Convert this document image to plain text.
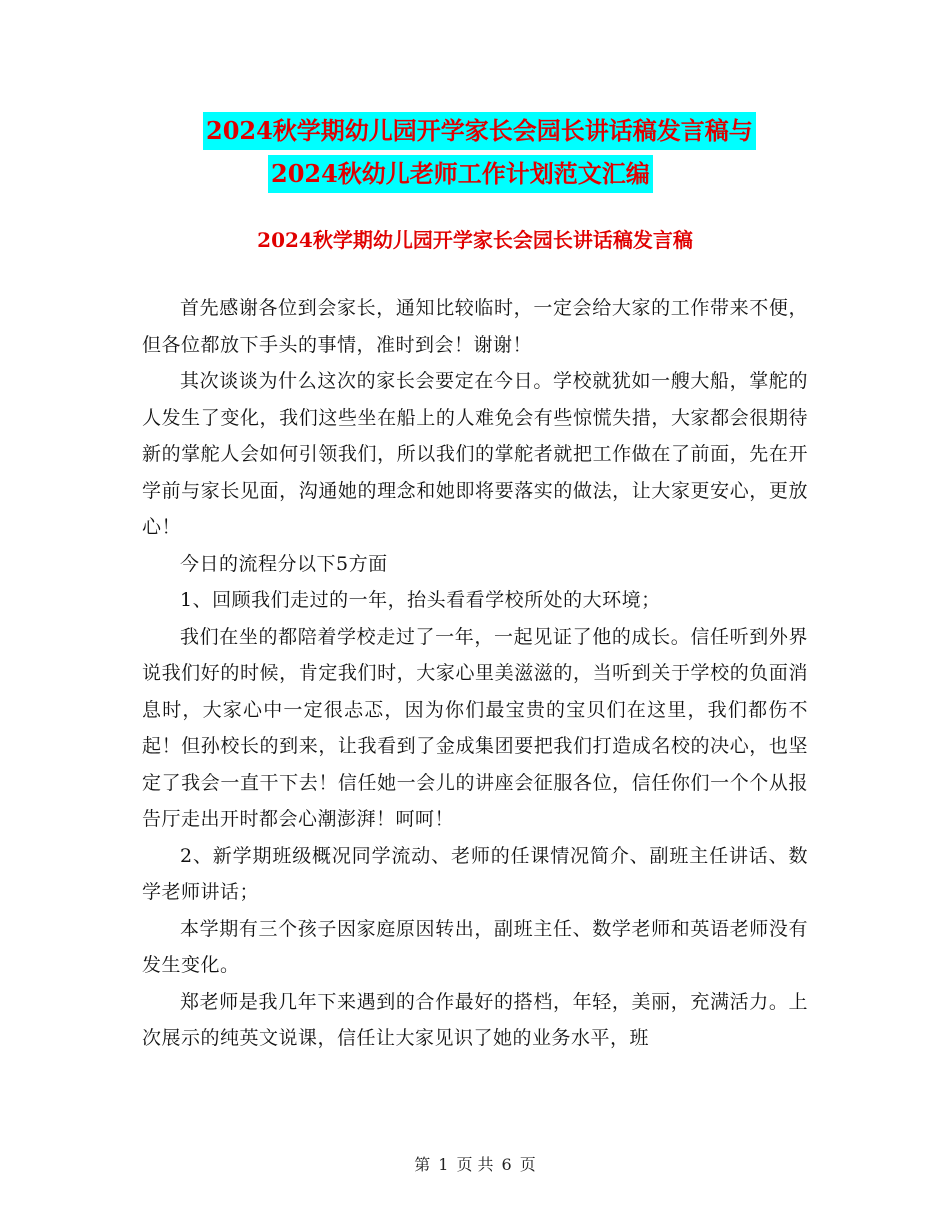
2024秋学期幼儿园开学家长会园长讲话稿发言稿与
2024秋幼儿老师工作计划范文汇编
2024秋学期幼儿园开学家长会园长讲话稿发言稿

首先感谢各位到会家长，通知比较临时，一定会给大家的工作带来不便，但各位都放下手头的事情，准时到会！谢谢！

其次谈谈为什么这次的家长会要定在今日。学校就犹如一艘大船，掌舵的人发生了变化，我们这些坐在船上的人难免会有些惊慌失措，大家都会很期待新的掌舵人会如何引领我们，所以我们的掌舵者就把工作做在了前面，先在开学前与家长见面，沟通她的理念和她即将要落实的做法，让大家更安心，更放心！

今日的流程分以下5方面

1、回顾我们走过的一年，抬头看看学校所处的大环境；

我们在坐的都陪着学校走过了一年，一起见证了他的成长。信任听到外界说我们好的时候，肯定我们时，大家心里美滋滋的，当听到关于学校的负面消息时，大家心中一定很忐忑，因为你们最宝贵的宝贝们在这里，我们都伤不起！但孙校长的到来，让我看到了金成集团要把我们打造成名校的决心，也坚定了我会一直干下去！信任她一会儿的讲座会征服各位，信任你们一个个从报告厅走出开时都会心潮澎湃！呵呵！

2、新学期班级概况同学流动、老师的任课情况简介、副班主任讲话、数学老师讲话；

本学期有三个孩子因家庭原因转出，副班主任、数学老师和英语老师没有发生变化。

郑老师是我几年下来遇到的合作最好的搭档，年轻，美丽，充满活力。上次展示的纯英文说课，信任让大家见识了她的业务水平，班

第 1 页 共 6 页
